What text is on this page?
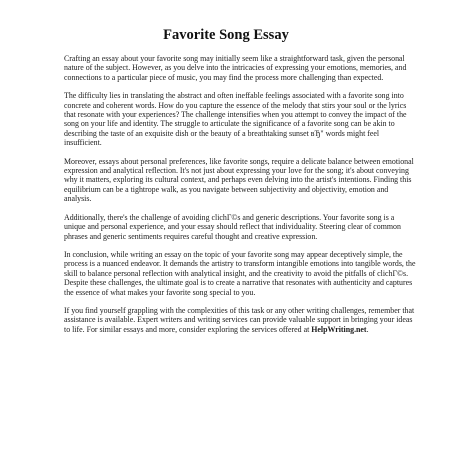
Favorite Song Essay

Crafting an essay about your favorite song may initially seem like a straightforward task, given the personal nature of the subject. However, as you delve into the intricacies of expressing your emotions, memories, and connections to a particular piece of music, you may find the process more challenging than expected.

The difficulty lies in translating the abstract and often ineffable feelings associated with a favorite song into concrete and coherent words. How do you capture the essence of the melody that stirs your soul or the lyrics that resonate with your experiences? The challenge intensifies when you attempt to convey the impact of the song on your life and identity. The struggle to articulate the significance of a favorite song can be akin to describing the taste of an exquisite dish or the beauty of a breathtaking sunset вЂ" words might feel insufficient.

Moreover, essays about personal preferences, like favorite songs, require a delicate balance between emotional expression and analytical reflection. It's not just about expressing your love for the song; it's about conveying why it matters, exploring its cultural context, and perhaps even delving into the artist's intentions. Finding this equilibrium can be a tightrope walk, as you navigate between subjectivity and objectivity, emotion and analysis.

Additionally, there's the challenge of avoiding clichГ©s and generic descriptions. Your favorite song is a unique and personal experience, and your essay should reflect that individuality. Steering clear of common phrases and generic sentiments requires careful thought and creative expression.

In conclusion, while writing an essay on the topic of your favorite song may appear deceptively simple, the process is a nuanced endeavor. It demands the artistry to transform intangible emotions into tangible words, the skill to balance personal reflection with analytical insight, and the creativity to avoid the pitfalls of clichГ©s. Despite these challenges, the ultimate goal is to create a narrative that resonates with authenticity and captures the essence of what makes your favorite song special to you.

If you find yourself grappling with the complexities of this task or any other writing challenges, remember that assistance is available. Expert writers and writing services can provide valuable support in bringing your ideas to life. For similar essays and more, consider exploring the services offered at HelpWriting.net.
